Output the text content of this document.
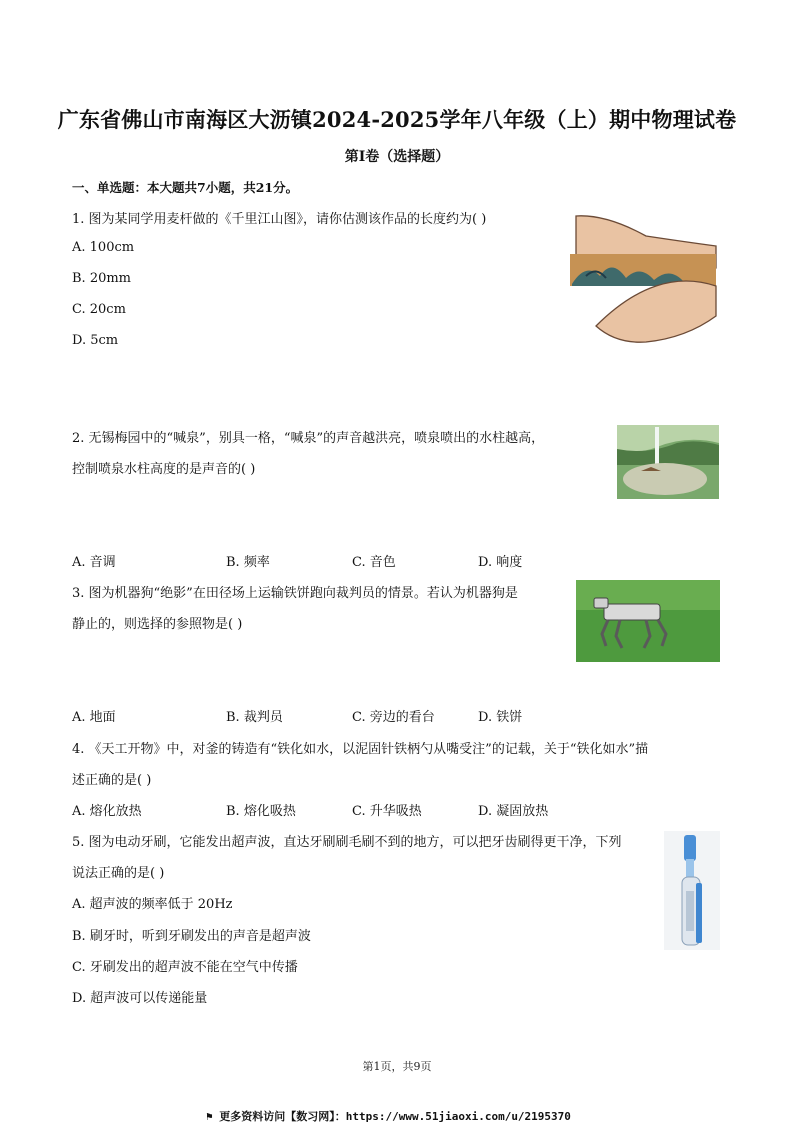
广东省佛山市南海区大沥镇2024-2025学年八年级（上）期中物理试卷
第I卷（选择题）
一、单选题：本大题共7小题，共21分。
1. 图为某同学用麦杆做的《千里江山图》，请你估测该作品的长度约为( )
A. 100cm
B. 20mm
C. 20cm
D. 5cm
2. 无锡梅园中的“喊泉”，别具一格，“喊泉”的声音越洪亮，喷泉喷出的水柱越高，
控制喷泉水柱高度的是声音的( )
A. 音调	B. 频率	C. 音色	D. 响度
3. 图为机器狗“绝影”在田径场上运输铁饼跑向裁判员的情景。若认为机器狗是
静止的，则选择的参照物是( )
A. 地面	B. 裁判员	C. 旁边的看台	D. 铁饼
4. 《天工开物》中，对釜的铸造有“铁化如水，以泥固针铁柄勺从嘴受注”的记载，关于“铁化如水”描
述正确的是( )
A. 熔化放热	B. 熔化吸热	C. 升华吸热	D. 凝固放热
5. 图为电动牙刷，它能发出超声波，直达牙刷刷毛刷不到的地方，可以把牙齿刷得更干净，下列
说法正确的是( )
A. 超声波的频率低于 20Hz
B. 刷牙时，听到牙刷发出的声音是超声波
C. 牙刷发出的超声波不能在空气中传播
D. 超声波可以传递能量
第1页，共9页
⚑ 更多资料访问【数习网】：https://www.51jiaoxi.com/u/2195370
